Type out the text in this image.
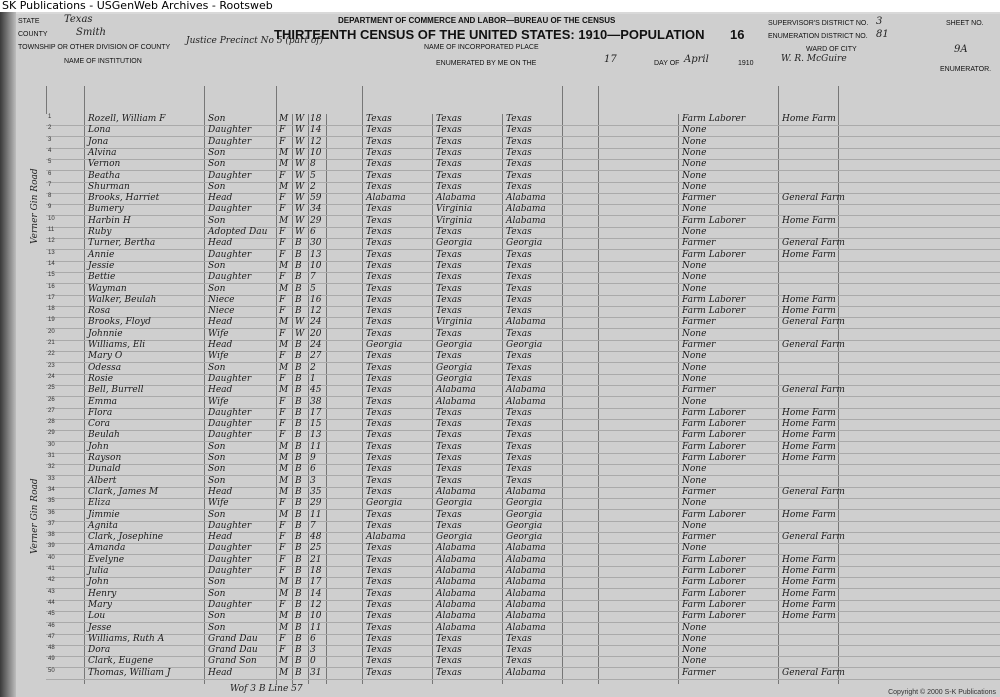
SK Publications - USGenWeb Archives - Rootsweb
STATE Texas
COUNTY	Smith
TOWNSHIP OR OTHER DIVISION OF COUNTY
Justice Precinct No 5 (part of)
NAME OF INSTITUTION
DEPARTMENT OF COMMERCE AND LABOR—BUREAU OF THE CENSUS
THIRTEENTH CENSUS OF THE UNITED STATES: 1910—POPULATION 16
NAME OF INCORPORATED PLACE
ENUMERATED BY ME ON THE	17	DAY OF April	1910	W. R. McGuire
SUPERVISOR'S DISTRICT NO. 3
ENUMERATION DISTRICT NO. 81
WARD OF CITY
SHEET NO.
9A
ENUMERATOR.
1	Rozell, William F	Son	M W 18	Texas	Texas	Texas	Farm Laborer	Home Farm
2	Lona	Daughter	F W 14	Texas	Texas	Texas	None
3	Jona	Daughter	F W 12	Texas	Texas	Texas	None
4	Alvina	Son	M W 10	Texas	Texas	Texas	None
5	Vernon	Son	M W 8	Texas	Texas	Texas	None
6	Beatha	Daughter	F W 5	Texas	Texas	Texas	None
7	Shurman	Son	M W 2	Texas	Texas	Texas	None
8	Brooks, Harriet	Head	F W 59	Alabama	Alabama	Alabama	Farmer	General Farm
9	Bumery	Daughter	F W 34	Texas	Virginia	Alabama	None
10	Harbin H	Son	M W 29	Texas	Virginia	Alabama	Farm Laborer	Home Farm
11	Ruby	Adopted Dau F W 6	Texas	Texas	Texas	None
12	Turner, Bertha	Head	F B 30	Texas	Georgia	Georgia	Farmer	General Farm
13	Annie	Daughter	F B 13	Texas	Texas	Texas	Farm Laborer	Home Farm
14	Jessie	Son	M B 10	Texas	Texas	Texas	None
15	Bettie	Daughter	F B 7	Texas	Texas	Texas	None
16	Wayman	Son	M B 5	Texas	Texas	Texas	None
17	Walker, Beulah	Niece	F B 16	Texas	Texas	Texas	Farm Laborer	Home Farm
18	Rosa	Niece	F B 12	Texas	Texas	Texas	Farm Laborer	Home Farm
19	Brooks, Floyd	Head	M W 24	Texas	Virginia	Alabama	Farmer	General Farm
20	Johnnie	Wife	F W 20	Texas	Texas	Texas	None
21	Williams, Eli	Head	M B 24	Georgia	Georgia	Georgia	Farmer	General Farm
22	Mary O	Wife	F B 27	Texas	Texas	Texas	None
23	Odessa	Son	M B 2	Texas	Georgia	Texas	None
24	Rosie	Daughter	F B 1	Texas	Georgia	Texas	None
25	Bell, Burrell	Head	M B 45	Texas	Alabama	Alabama	Farmer	General Farm
26	Emma	Wife	F B 38	Texas	Alabama	Alabama	None
27	Flora	Daughter	F B 17	Texas	Texas	Texas	Farm Laborer	Home Farm
28	Cora	Daughter	F B 15	Texas	Texas	Texas	Farm Laborer	Home Farm
29	Beulah	Daughter	F B 13	Texas	Texas	Texas	Farm Laborer	Home Farm
30	John	Son	M B 11	Texas	Texas	Texas	Farm Laborer	Home Farm
31	Rayson	Son	M B 9	Texas	Texas	Texas	Farm Laborer	Home Farm
32	Dunald	Son	M B 6	Texas	Texas	Texas	None
33	Albert	Son	M B 3	Texas	Texas	Texas	None
34	Clark, James M	Head	M B 35	Texas	Alabama	Alabama	Farmer	General Farm
35	Eliza	Wife	F B 29	Georgia	Georgia	Georgia	None
36	Jimmie	Son	M B 11	Texas	Texas	Georgia	Farm Laborer	Home Farm
37	Agnita	Daughter	F B 7	Texas	Texas	Georgia	None
38	Clark, Josephine	Head	F B 48	Alabama	Georgia	Georgia	Farmer	General Farm
39	Amanda	Daughter	F B 25	Texas	Alabama	Alabama	None
40	Evelyne	Daughter	F B 21	Texas	Alabama	Alabama	Farm Laborer	Home Farm
41	Julia	Daughter	F B 18	Texas	Alabama	Alabama	Farm Laborer	Home Farm
42	John	Son	M B 17	Texas	Alabama	Alabama	Farm Laborer	Home Farm
43	Henry	Son	M B 14	Texas	Alabama	Alabama	Farm Laborer	Home Farm
44	Mary	Daughter	F B 12	Texas	Alabama	Alabama	Farm Laborer	Home Farm
45	Lou	Son	M B 10	Texas	Alabama	Alabama	Farm Laborer	Home Farm
46	Jesse	Son	M B 11	Texas	Alabama	Alabama	None
47	Williams, Ruth A	Grand Dau F B 6	Texas	Texas	Texas	None
48	Dora	Grand Dau F B 3	Texas	Texas	Texas	None
49	Clark, Eugene	Grand Son M B 0	Texas	Texas	Texas	None
50	Thomas, William J	Head	M B 31	Texas	Texas	Alabama	Farmer	General Farm
Verner Gin Road
Verner Gin Road
Wof 3 B Line 57	Copyright © 2000 S-K Publications
